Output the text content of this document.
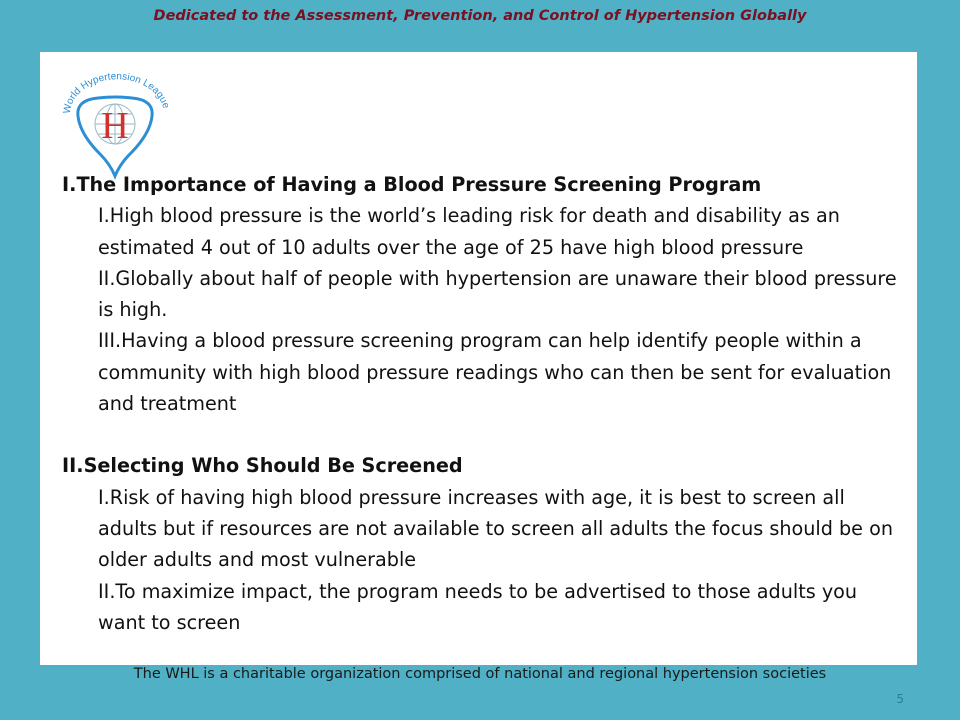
Dedicated to the Assessment, Prevention, and Control of Hypertension Globally
World Hypertension League
H

I.The Importance of Having a Blood Pressure Screening Program

I.High blood pressure is the world’s leading risk for death and disability as an estimated 4 out of 10 adults over the age of 25 have high blood pressure

II.Globally about half of people with hypertension are unaware their blood pressure is high.

III.Having a blood pressure screening program can help identify people within a community with high blood pressure readings who can then be sent for evaluation and treatment

II.Selecting Who Should Be Screened

I.Risk of having high blood pressure increases with age, it is best to screen all adults but if resources are not available to screen all adults the focus should be on older adults and most vulnerable

II.To maximize impact, the program needs to be advertised to those adults you want to screen

The WHL is a charitable organization comprised of national and regional hypertension societies
5
